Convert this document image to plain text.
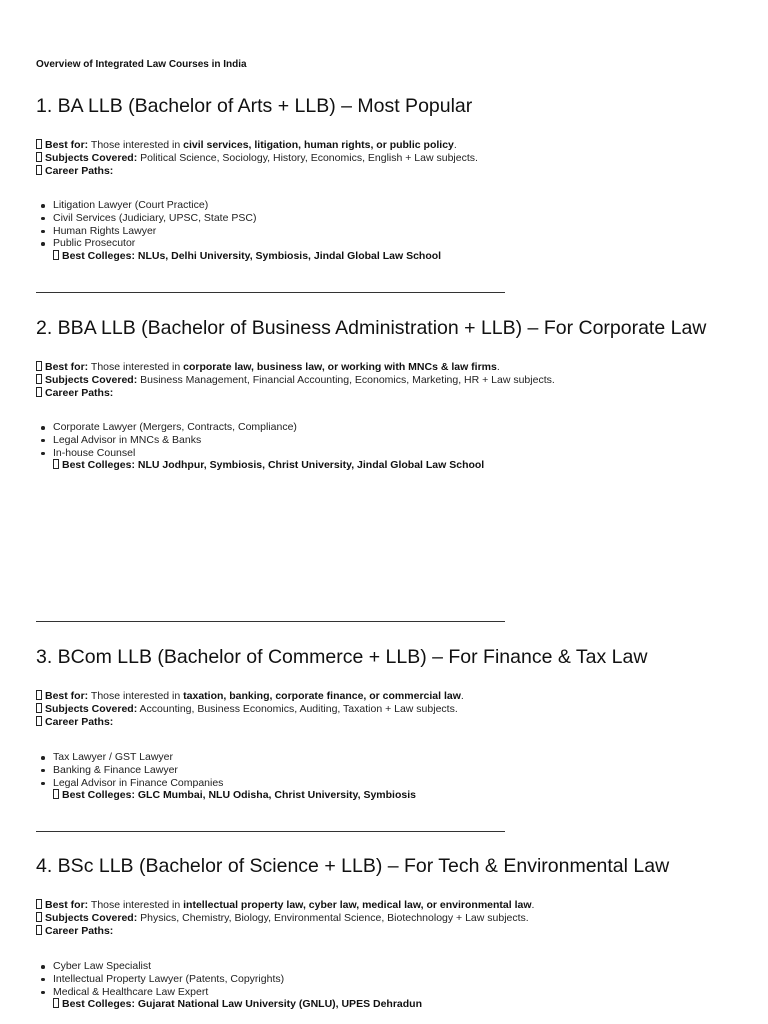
Overview of Integrated Law Courses in India
1. BA LLB (Bachelor of Arts + LLB) – Most Popular
Best for: Those interested in civil services, litigation, human rights, or public policy.
Subjects Covered: Political Science, Sociology, History, Economics, English + Law subjects.
Career Paths:
Litigation Lawyer (Court Practice)
Civil Services (Judiciary, UPSC, State PSC)
Human Rights Lawyer
Public Prosecutor
Best Colleges: NLUs, Delhi University, Symbiosis, Jindal Global Law School
2. BBA LLB (Bachelor of Business Administration + LLB) – For Corporate Law
Best for: Those interested in corporate law, business law, or working with MNCs & law firms.
Subjects Covered: Business Management, Financial Accounting, Economics, Marketing, HR + Law subjects.
Career Paths:
Corporate Lawyer (Mergers, Contracts, Compliance)
Legal Advisor in MNCs & Banks
In-house Counsel
Best Colleges: NLU Jodhpur, Symbiosis, Christ University, Jindal Global Law School
3. BCom LLB (Bachelor of Commerce + LLB) – For Finance & Tax Law
Best for: Those interested in taxation, banking, corporate finance, or commercial law.
Subjects Covered: Accounting, Business Economics, Auditing, Taxation + Law subjects.
Career Paths:
Tax Lawyer / GST Lawyer
Banking & Finance Lawyer
Legal Advisor in Finance Companies
Best Colleges: GLC Mumbai, NLU Odisha, Christ University, Symbiosis
4. BSc LLB (Bachelor of Science + LLB) – For Tech & Environmental Law
Best for: Those interested in intellectual property law, cyber law, medical law, or environmental law.
Subjects Covered: Physics, Chemistry, Biology, Environmental Science, Biotechnology + Law subjects.
Career Paths:
Cyber Law Specialist
Intellectual Property Lawyer (Patents, Copyrights)
Medical & Healthcare Law Expert
Best Colleges: Gujarat National Law University (GNLU), UPES Dehradun
